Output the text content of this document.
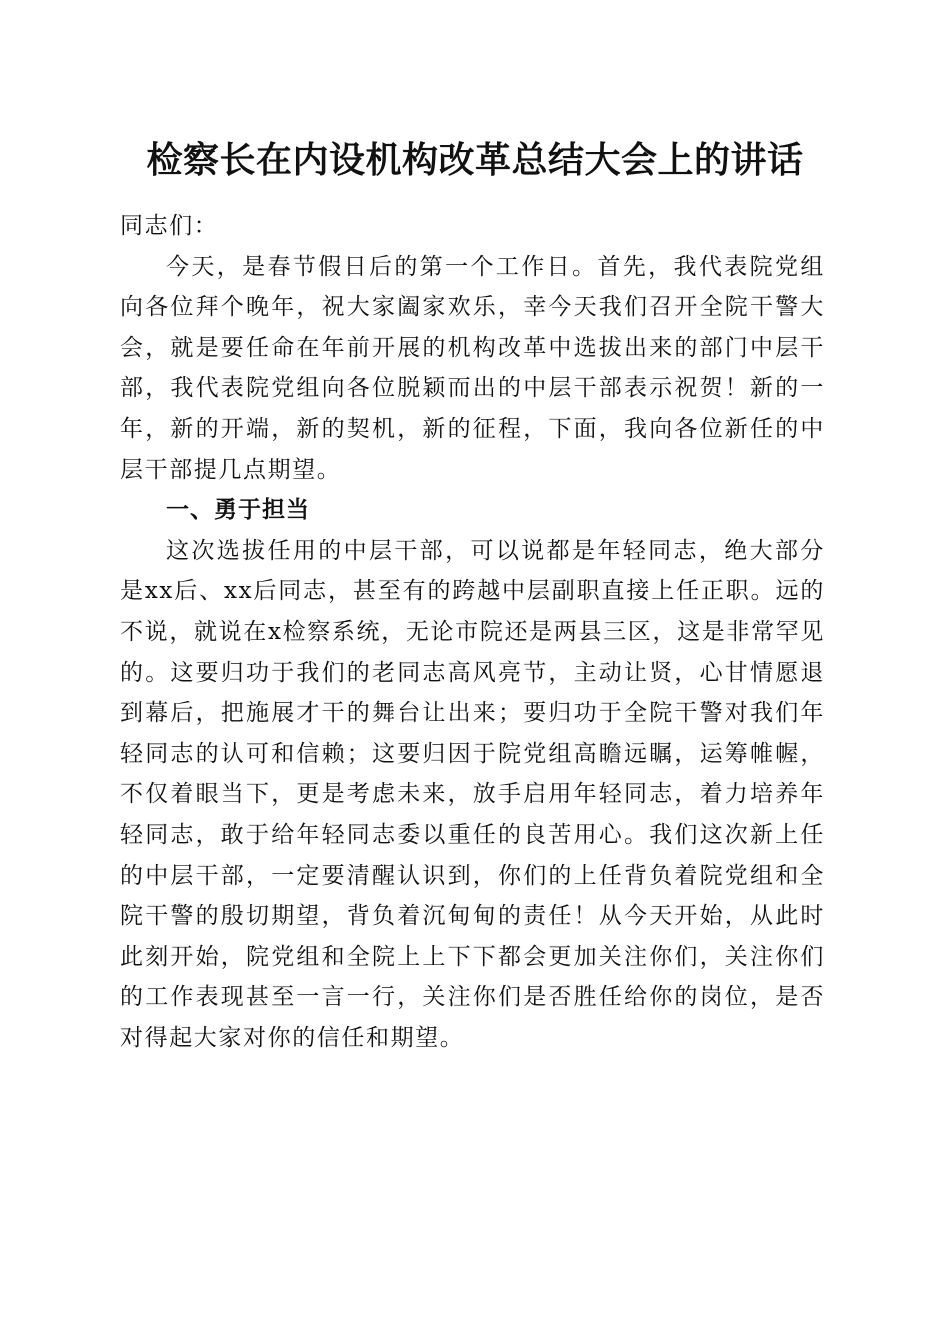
检察长在内设机构改革总结大会上的讲话

同志们：

今天，是春节假日后的第一个工作日。首先，我代表院党组向各位拜个晚年，祝大家阖家欢乐，幸今天我们召开全院干警大会，就是要任命在年前开展的机构改革中选拔出来的部门中层干部，我代表院党组向各位脱颖而出的中层干部表示祝贺！新的一年，新的开端，新的契机，新的征程，下面，我向各位新任的中层干部提几点期望。

一、勇于担当

这次选拔任用的中层干部，可以说都是年轻同志，绝大部分是xx后、xx后同志，甚至有的跨越中层副职直接上任正职。远的不说，就说在x检察系统，无论市院还是两县三区，这是非常罕见的。这要归功于我们的老同志高风亮节，主动让贤，心甘情愿退到幕后，把施展才干的舞台让出来；要归功于全院干警对我们年轻同志的认可和信赖；这要归因于院党组高瞻远瞩，运筹帷幄，不仅着眼当下，更是考虑未来，放手启用年轻同志，着力培养年轻同志，敢于给年轻同志委以重任的良苦用心。我们这次新上任的中层干部，一定要清醒认识到，你们的上任背负着院党组和全院干警的殷切期望，背负着沉甸甸的责任！从今天开始，从此时此刻开始，院党组和全院上上下下都会更加关注你们，关注你们的工作表现甚至一言一行，关注你们是否胜任给你的岗位，是否对得起大家对你的信任和期望。
